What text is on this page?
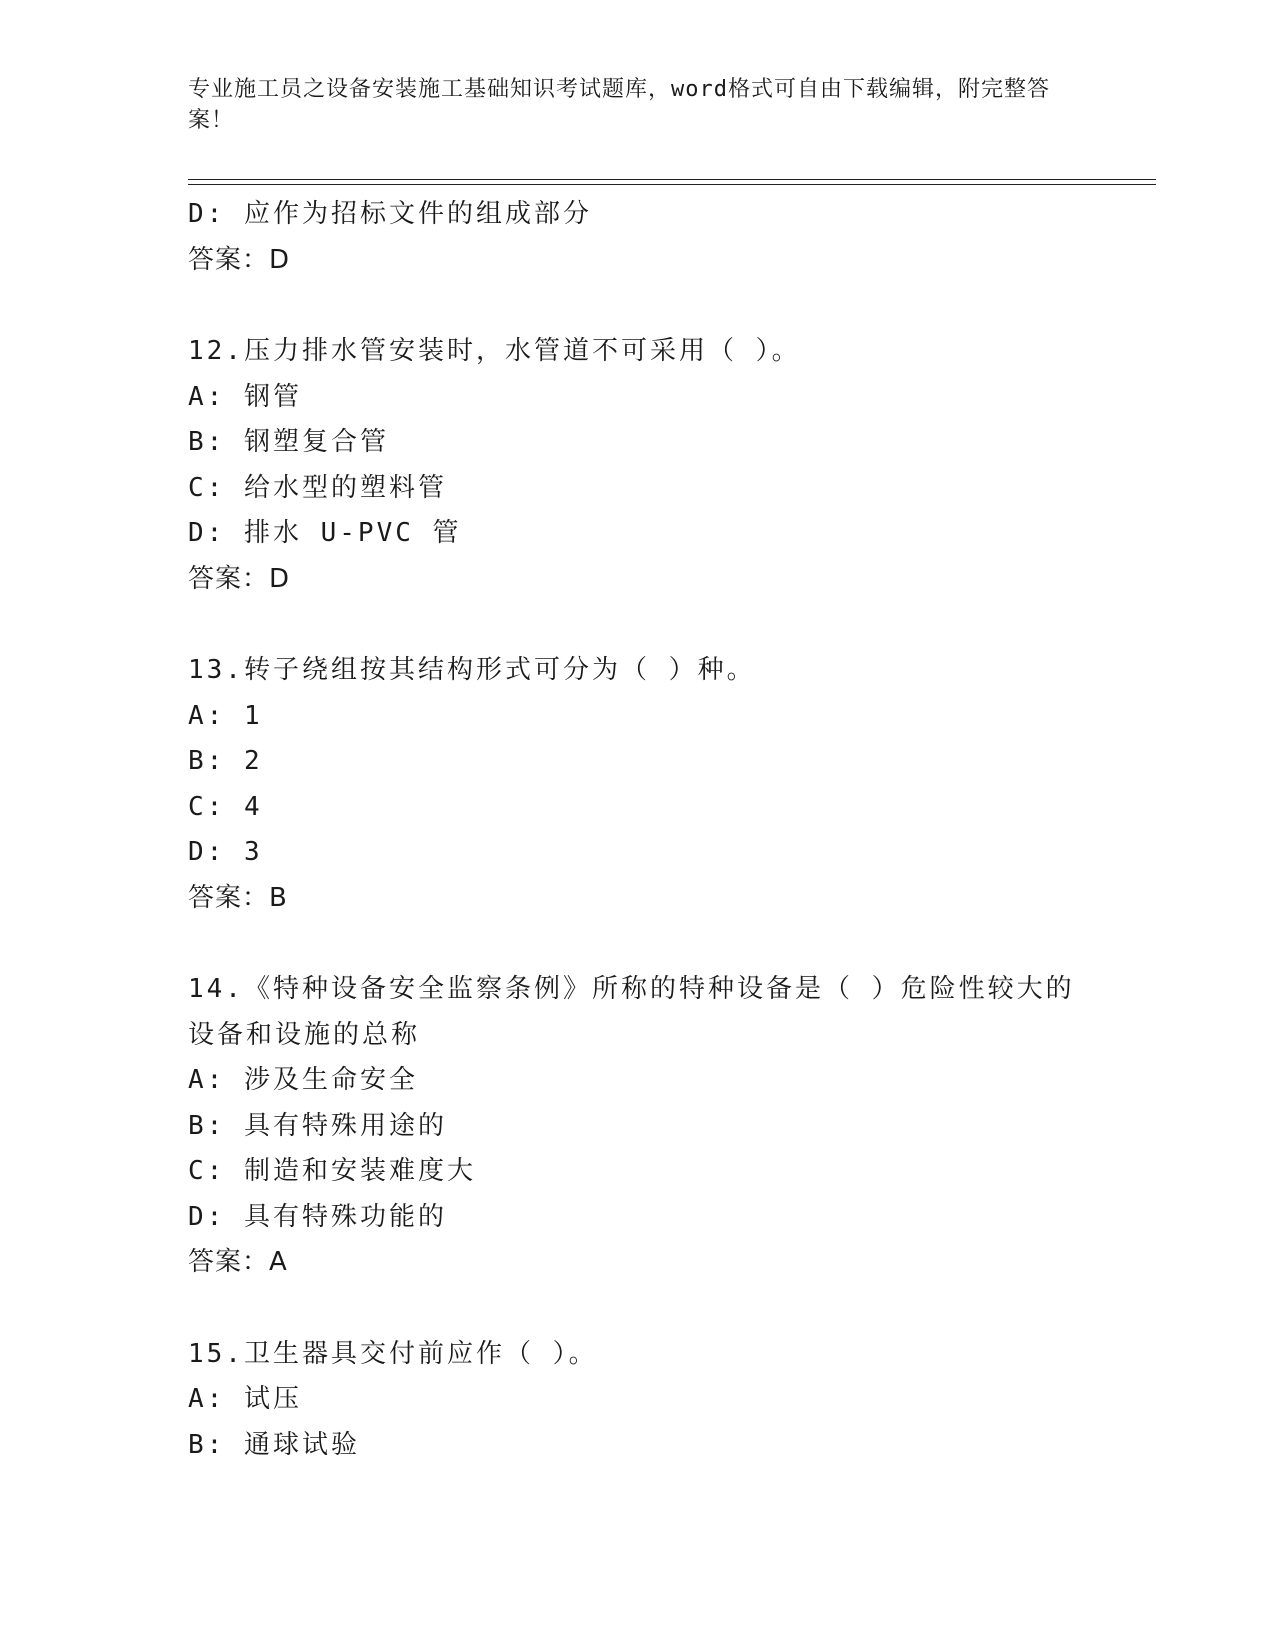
专业施工员之设备安装施工基础知识考试题库，word格式可自由下载编辑，附完整答案！
D: 应作为招标文件的组成部分
答案：D
12.压力排水管安装时，水管道不可采用（ ）。
A: 钢管
B: 钢塑复合管
C: 给水型的塑料管
D: 排水 U-PVC 管
答案：D
13.转子绕组按其结构形式可分为（ ）种。
A: 1
B: 2
C: 4
D: 3
答案：B
14.《特种设备安全监察条例》所称的特种设备是（ ）危险性较大的
设备和设施的总称
A: 涉及生命安全
B: 具有特殊用途的
C: 制造和安装难度大
D: 具有特殊功能的
答案：A
15.卫生器具交付前应作（ ）。
A: 试压
B: 通球试验
